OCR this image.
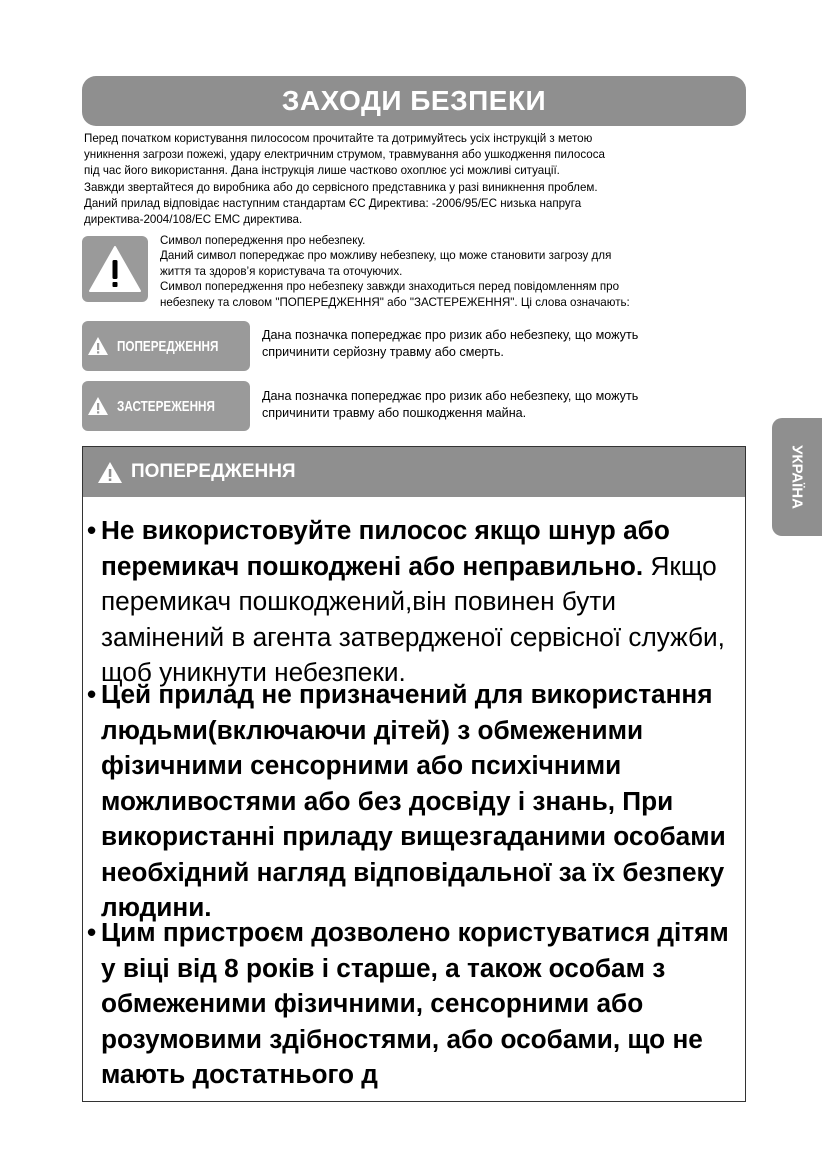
ЗАХОДИ БЕЗПЕКИ

Перед початком користування пилососом прочитайте та дотримуйтесь усіх інструкцій з метою

уникнення загрози пожежі, удару електричним струмом, травмування або ушкодження пилососа

під час його використання. Дана інструкція лише частково охоплює усі можливі ситуації.

Завжди звертайтеся до виробника або до сервісного представника у разі виникнення проблем.

Даний прилад відповідає наступним стандартам ЄС Директива: -2006/95/ЕС низька напруга

директива-2004/108/ЕС ЕМС директива.

Символ попередження про небезпеку.

Даний символ попереджає про можливу небезпеку, що може становити загрозу для

життя та здоров’я користувача та оточуючих.

Символ попередження про небезпеку завжди знаходиться перед повідомленням про

небезпеку та словом "ПОПЕРЕДЖЕННЯ" або "ЗАСТЕРЕЖЕННЯ". Ці слова означають:

ПОПЕРЕДЖЕННЯ
Дана позначка попереджає про ризик або небезпеку, що можуть
спричинити серйозну травму або смерть.
ЗАСТЕРЕЖЕННЯ
Дана позначка попереджає про ризик або небезпеку, що можуть
спричинити травму або пошкодження майна.
УКРАЇНА
ПОПЕРЕДЖЕННЯ
• Не використовуйте пилосос якщо шнур або перемикач пошкоджені або неправильно. Якщо перемикач пошкоджений,він повинен бути замінений в агента затвердженої сервісної служби, щоб уникнути небезпеки.
• Цей прилад не призначений для використання людьми(включаючи дітей) з обмеженими фізичними сенсорними або психічними можливостями або без досвіду і знань, При використанні приладу вищезгаданими особами необхідний нагляд відповідальної за їх безпеку людини.
• Цим пристроєм дозволено користуватися дітям у віці від 8 років і старше, а також особам з обмеженими фізичними, сенсорними або розумовими здібностями, або особами, що не мають достатнього д
